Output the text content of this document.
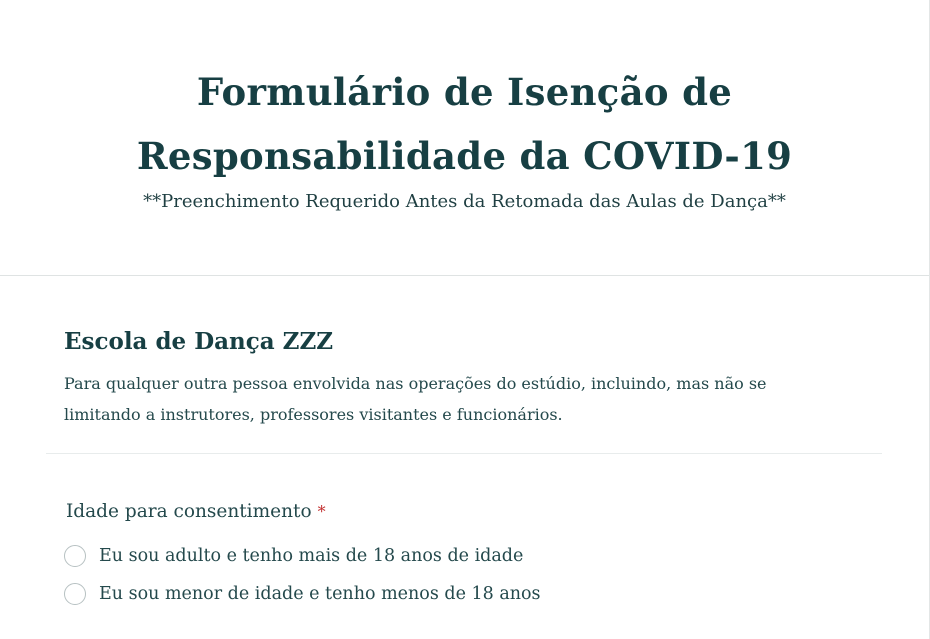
Formulário de Isenção de
Responsabilidade da COVID-19
**Preenchimento Requerido Antes da Retomada das Aulas de Dança**
Escola de Dança ZZZ
Para qualquer outra pessoa envolvida nas operações do estúdio, incluindo, mas não se
limitando a instrutores, professores visitantes e funcionários.
Idade para consentimento *
Eu sou adulto e tenho mais de 18 anos de idade
Eu sou menor de idade e tenho menos de 18 anos
